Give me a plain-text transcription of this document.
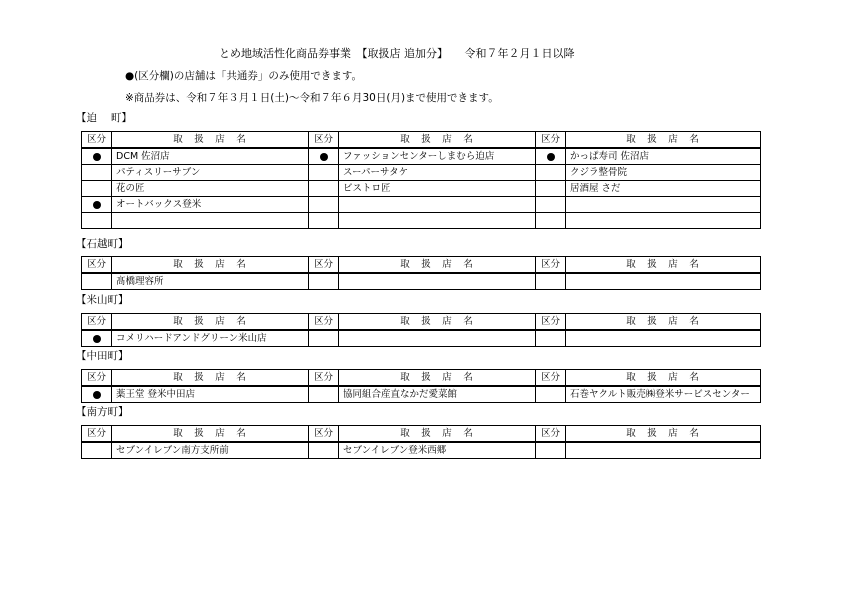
とめ地域活性化商品券事業　【取扱店 追加分】　　令和７年２月１日以降
●(区分欄)の店舗は「共通券」のみ使用できます。
※商品券は、令和７年３月１日(土)～令和７年６月30日(月)まで使用できます。
【迫　 町】
区分	取　扱　店　名	区分	取　扱　店　名	区分	取　扱　店　名
	DCM 佐沼店		ファッションセンターしまむら迫店		かっぱ寿司 佐沼店
	パティスリーサブン		スーパーサタケ		クジラ整骨院
	花の匠		ビストロ匠		居酒屋 さだ
	オートバックス登米				

【石越町】
区分	取　扱　店　名	区分	取　扱　店　名	区分	取　扱　店　名
	髙橋理容所				
【米山町】
区分	取　扱　店　名	区分	取　扱　店　名	区分	取　扱　店　名
	コメリハードアンドグリーン米山店				
【中田町】
区分	取　扱　店　名	区分	取　扱　店　名	区分	取　扱　店　名
	薬王堂 登米中田店		協同組合産直なかだ愛菜館		石巻ヤクルト販売㈱登米サービスセンター
【南方町】
区分	取　扱　店　名	区分	取　扱　店　名	区分	取　扱　店　名
	セブンイレブン南方支所前		セブンイレブン登米西郷		
